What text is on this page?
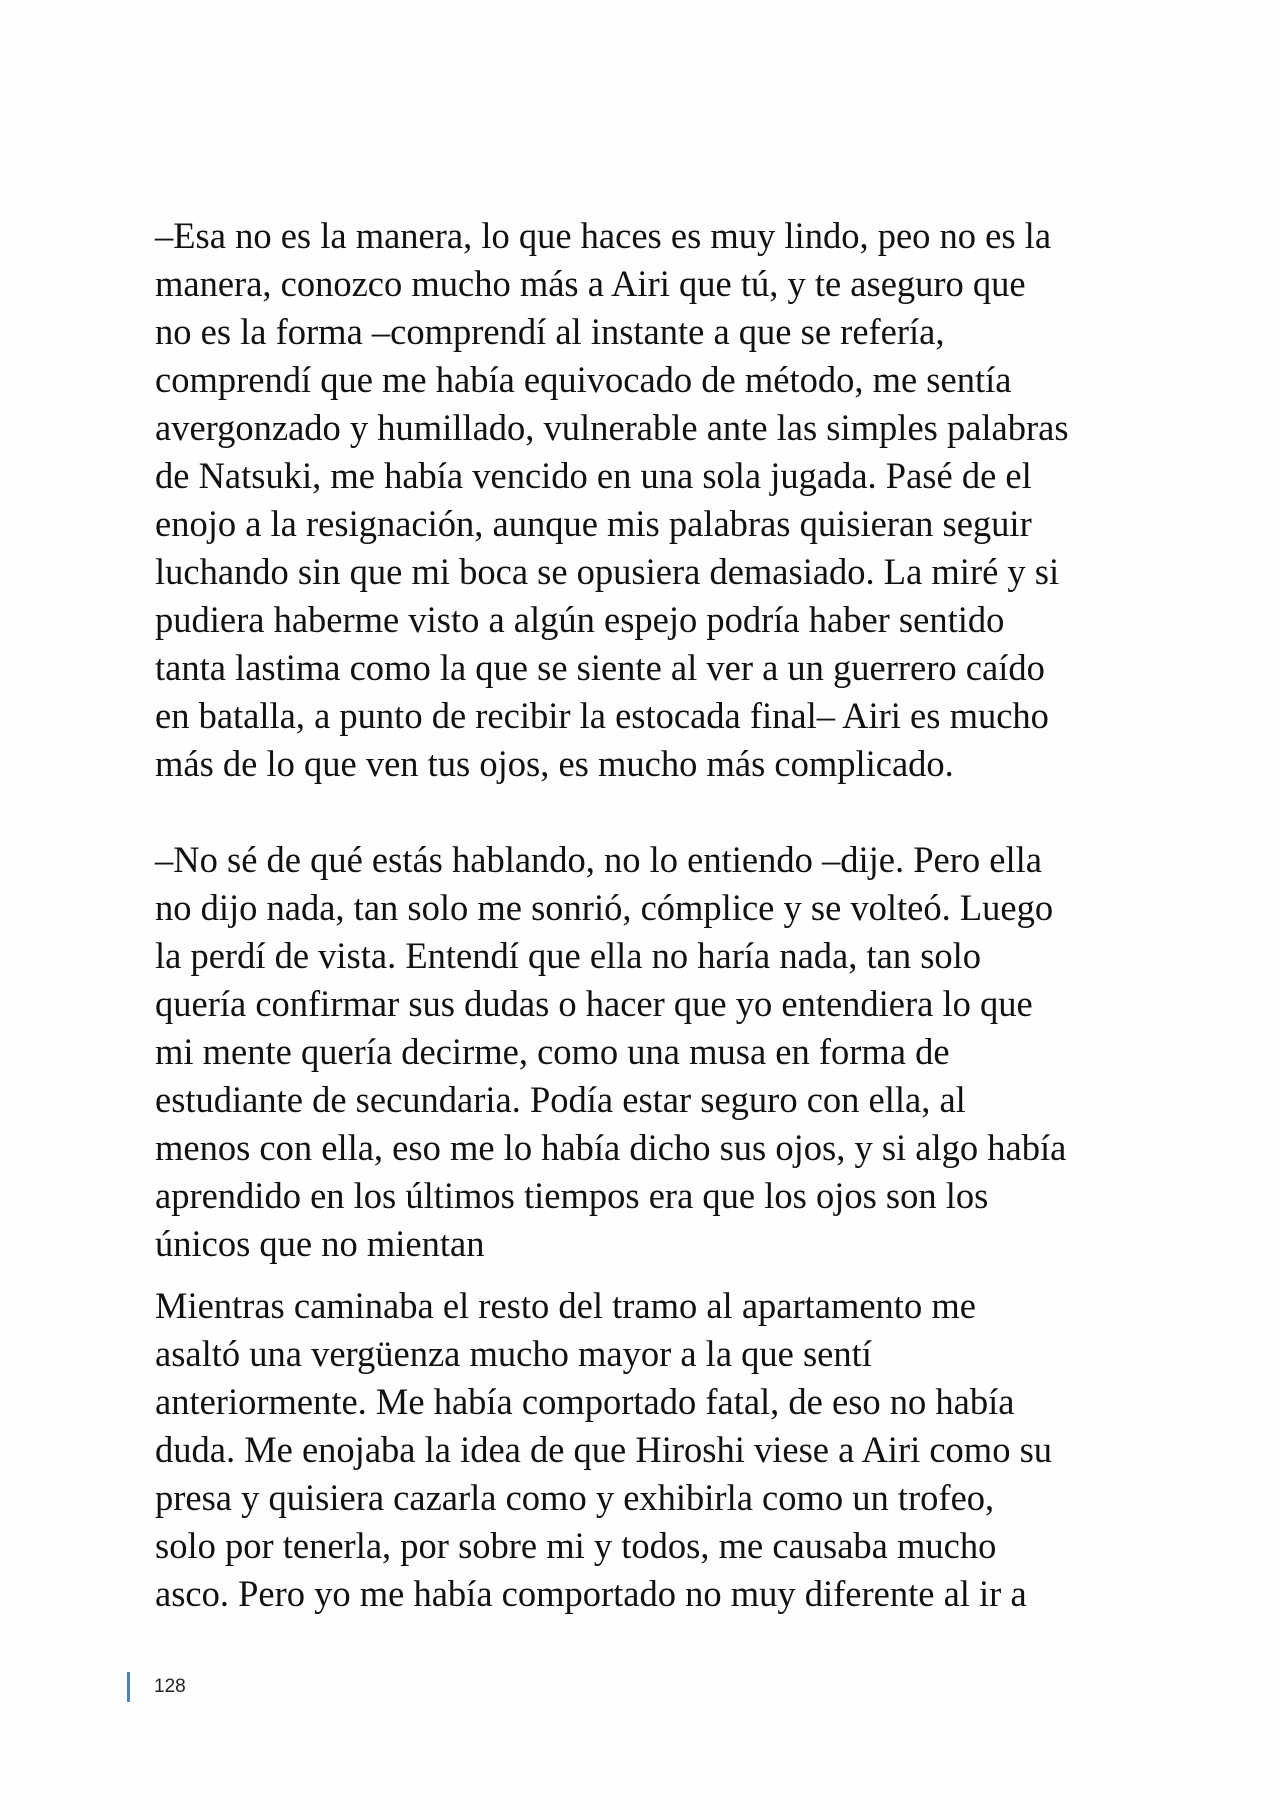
–Esa no es la manera, lo que haces es muy lindo, peo no es la
manera, conozco mucho más a Airi que tú, y te aseguro que
no es la forma –comprendí al instante a que se refería,
comprendí que me había equivocado de método, me sentía
avergonzado y humillado, vulnerable ante las simples palabras
de Natsuki, me había vencido en una sola jugada. Pasé de el
enojo a la resignación, aunque mis palabras quisieran seguir
luchando sin que mi boca se opusiera demasiado. La miré y si
pudiera haberme visto a algún espejo podría haber sentido
tanta lastima como la que se siente al ver a un guerrero caído
en batalla, a punto de recibir la estocada final– Airi es mucho
más de lo que ven tus ojos, es mucho más complicado.
–No sé de qué estás hablando, no lo entiendo –dije. Pero ella
no dijo nada, tan solo me sonrió, cómplice y se volteó. Luego
la perdí de vista. Entendí que ella no haría nada, tan solo
quería confirmar sus dudas o hacer que yo entendiera lo que
mi mente quería decirme, como una musa en forma de
estudiante de secundaria. Podía estar seguro con ella, al
menos con ella, eso me lo había dicho sus ojos, y si algo había
aprendido en los últimos tiempos era que los ojos son los
únicos que no mientan
Mientras caminaba el resto del tramo al apartamento me
asaltó una vergüenza mucho mayor a la que sentí
anteriormente. Me había comportado fatal, de eso no había
duda. Me enojaba la idea de que Hiroshi viese a Airi como su
presa y quisiera cazarla como y exhibirla como un trofeo,
solo por tenerla, por sobre mi y todos, me causaba mucho
asco. Pero yo me había comportado no muy diferente al ir a
128
